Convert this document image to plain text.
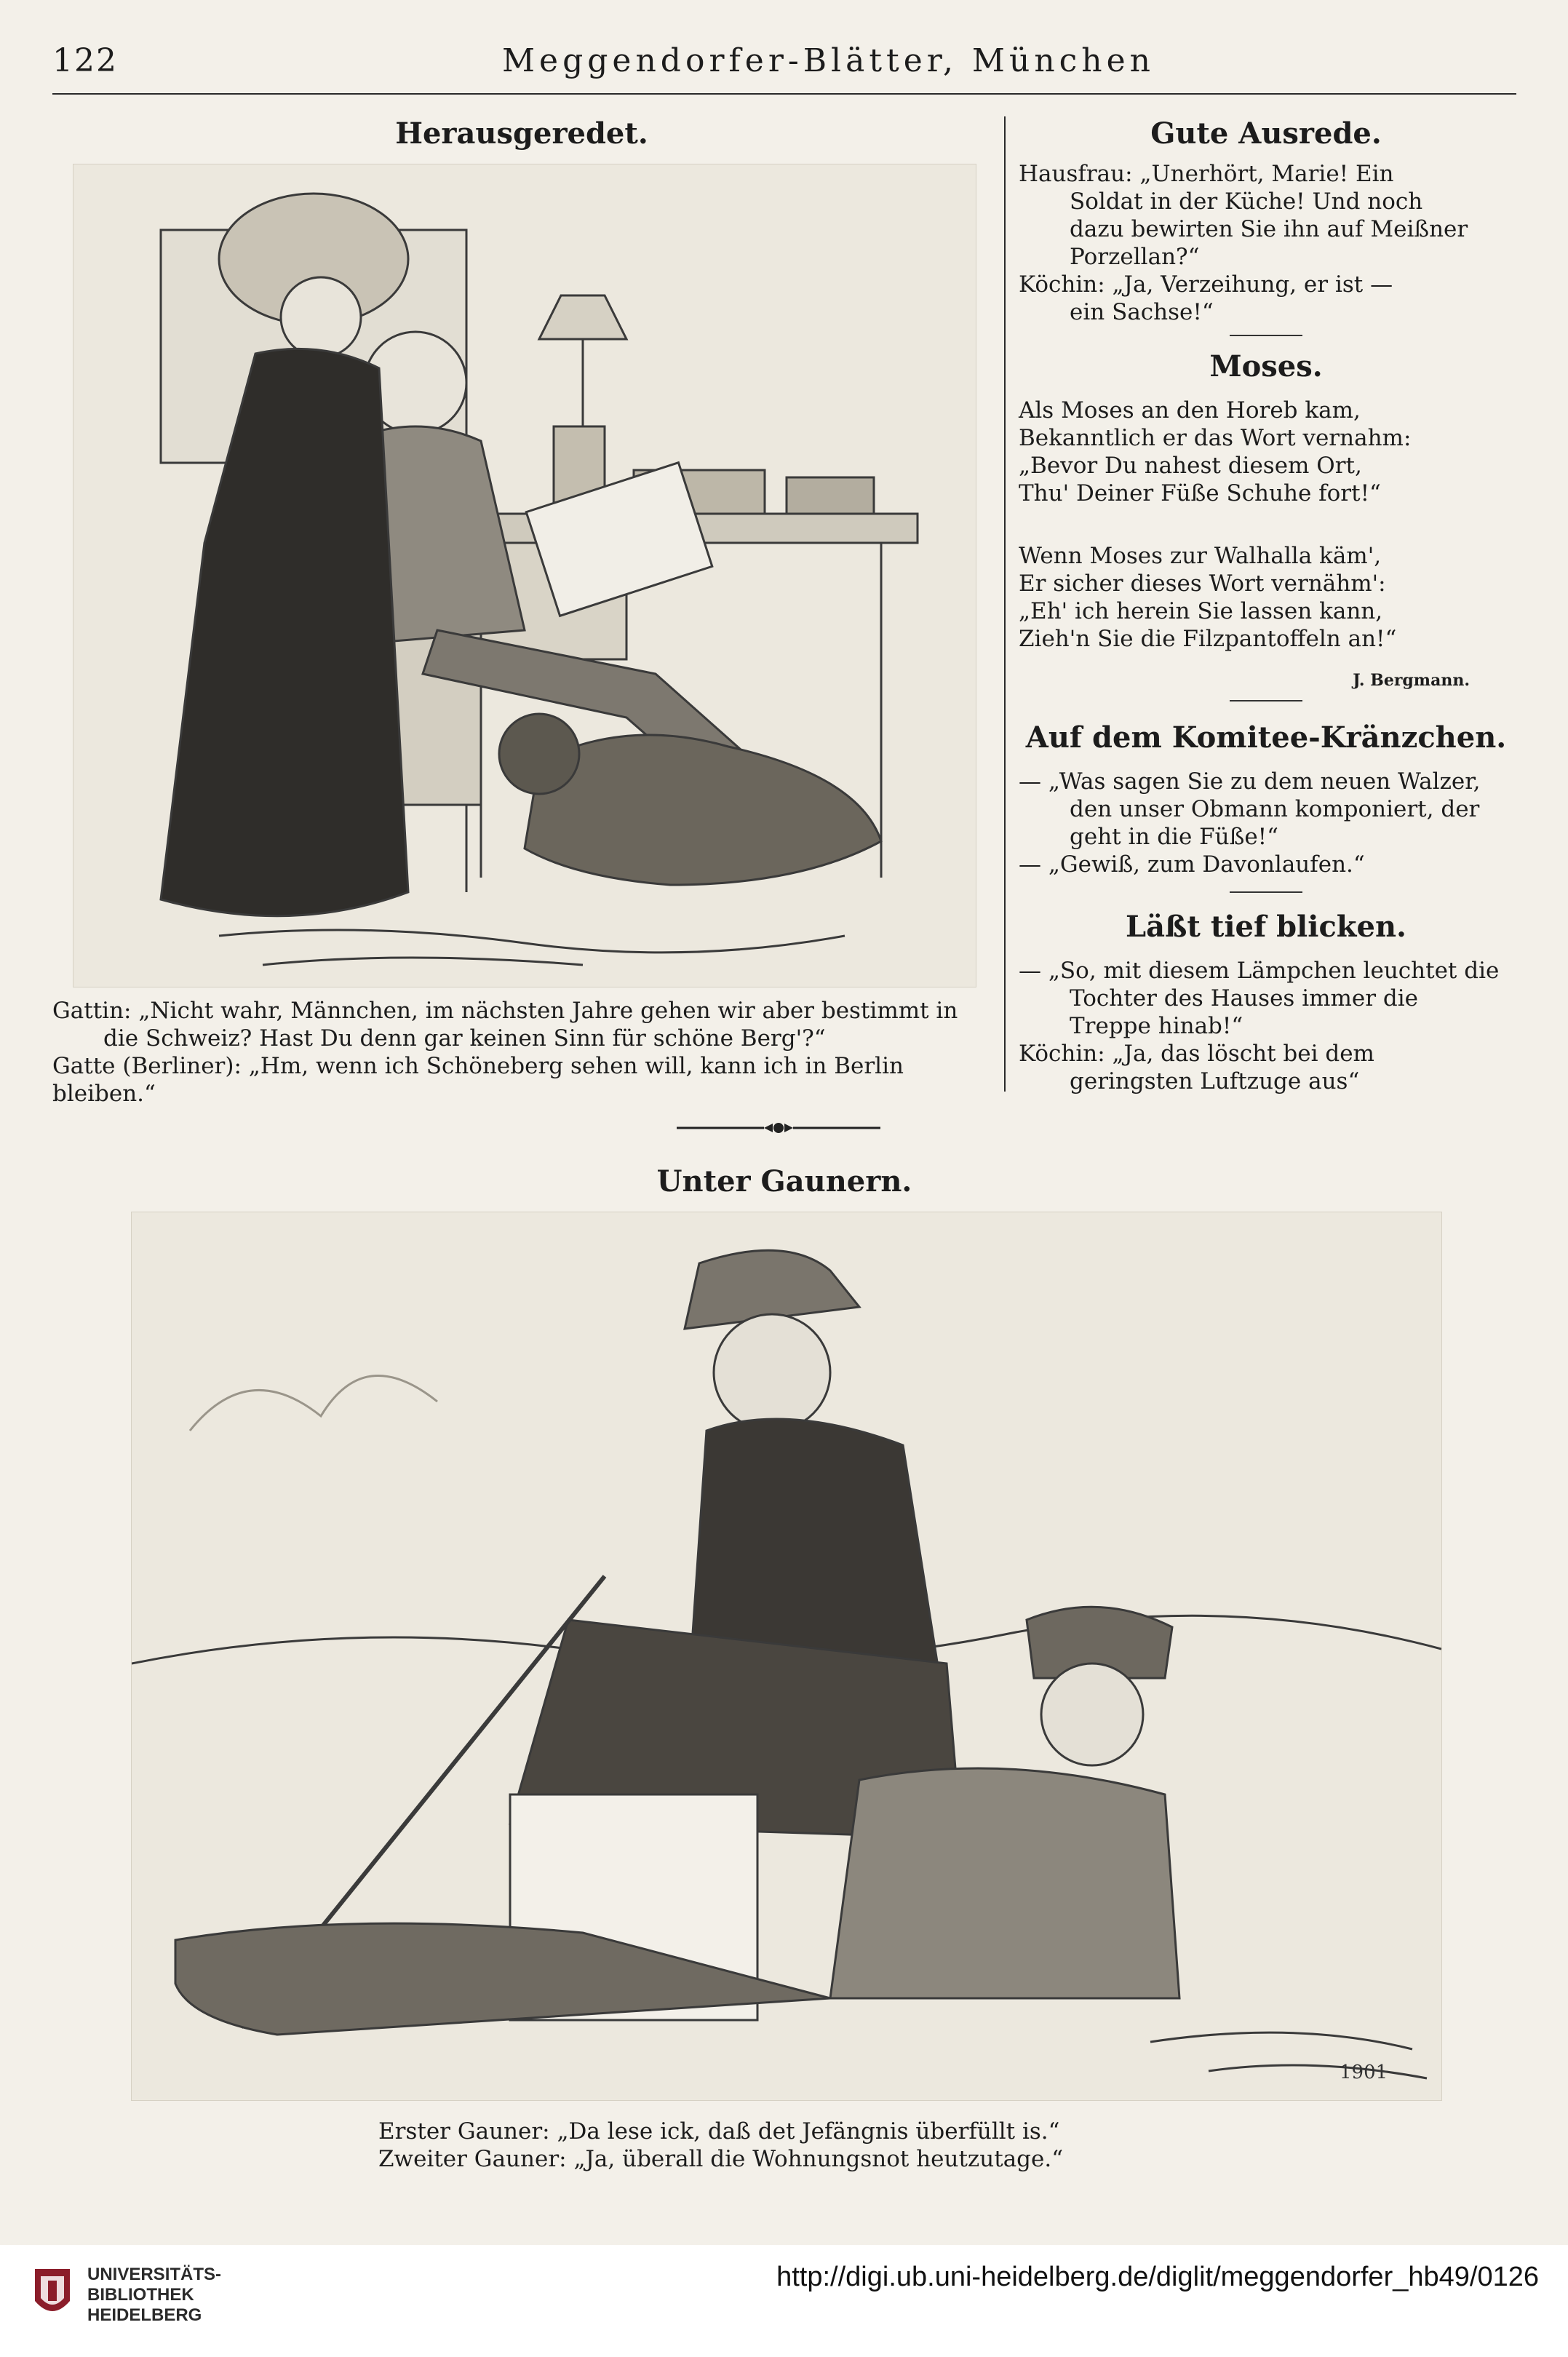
122	Meggendorfer-Blätter, München
Herausgeredet.
Gattin: „Nicht wahr, Männchen, im nächsten Jahre gehen wir aber bestimmt in
die Schweiz? Hast Du denn gar keinen Sinn für schöne Berg'?“
Gatte (Berliner): „Hm, wenn ich Schöneberg sehen will, kann ich in Berlin bleiben.“
Gute Ausrede.

Hausfrau: „Unerhört, Marie! Ein

Soldat in der Küche! Und noch

dazu bewirten Sie ihn auf Meißner

Porzellan?“

Köchin: „Ja, Verzeihung, er ist —

ein Sachse!“

Moses.

Als Moses an den Horeb kam,

Bekanntlich er das Wort vernahm:

„Bevor Du nahest diesem Ort,

Thu' Deiner Füße Schuhe fort!“

Wenn Moses zur Walhalla käm',

Er sicher dieses Wort vernähm':

„Eh' ich herein Sie lassen kann,

Zieh'n Sie die Filzpantoffeln an!“

J. Bergmann.
Auf dem Komitee-Kränzchen.

— „Was sagen Sie zu dem neuen Walzer,

den unser Obmann komponiert, der

geht in die Füße!“

— „Gewiß, zum Davonlaufen.“

Läßt tief blicken.

— „So, mit diesem Lämpchen leuchtet die

Tochter des Hauses immer die

Treppe hinab!“

Köchin: „Ja, das löscht bei dem

geringsten Luftzuge aus“

Unter Gaunern.
1901
Erster Gauner: „Da lese ick, daß det Jefängnis überfüllt is.“
Zweiter Gauner: „Ja, überall die Wohnungsnot heutzutage.“
UNIVERSITÄTS-
BIBLIOTHEK
HEIDELBERG
http://digi.ub.uni-heidelberg.de/diglit/meggendorfer_hb49/0126
